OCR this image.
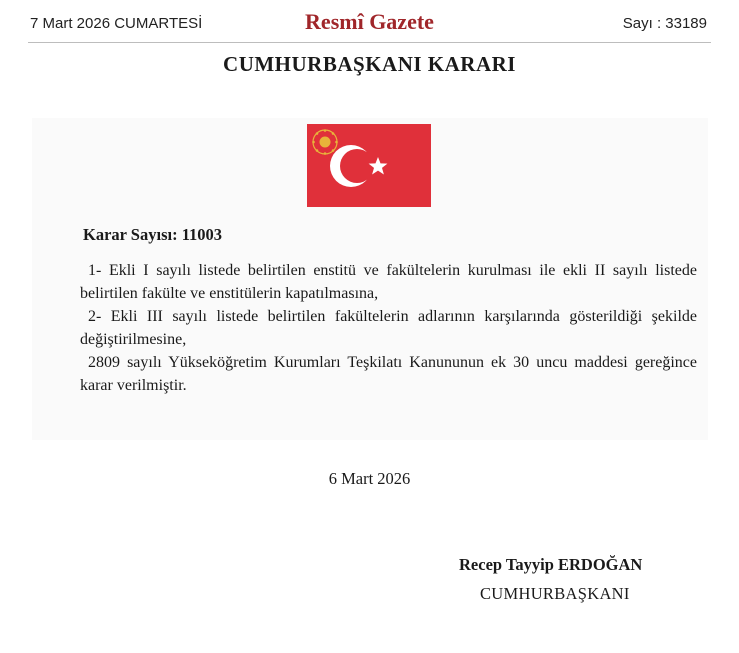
7 Mart 2026 CUMARTESİ	Resmî Gazete	Sayı : 33189
CUMHURBAŞKANI KARARI
Karar Sayısı: 11003
1- Ekli I sayılı listede belirtilen enstitü ve fakültelerin kurulması ile ekli II sayılı listede belirtilen fakülte ve enstitülerin kapatılmasına,
2- Ekli III sayılı listede belirtilen fakültelerin adlarının karşılarında gösterildiği şekilde değiştirilmesine,
2809 sayılı Yükseköğretim Kurumları Teşkilatı Kanununun ek 30 uncu maddesi gereğince karar verilmiştir.
6 Mart 2026
Recep Tayyip ERDOĞAN
CUMHURBAŞKANI
